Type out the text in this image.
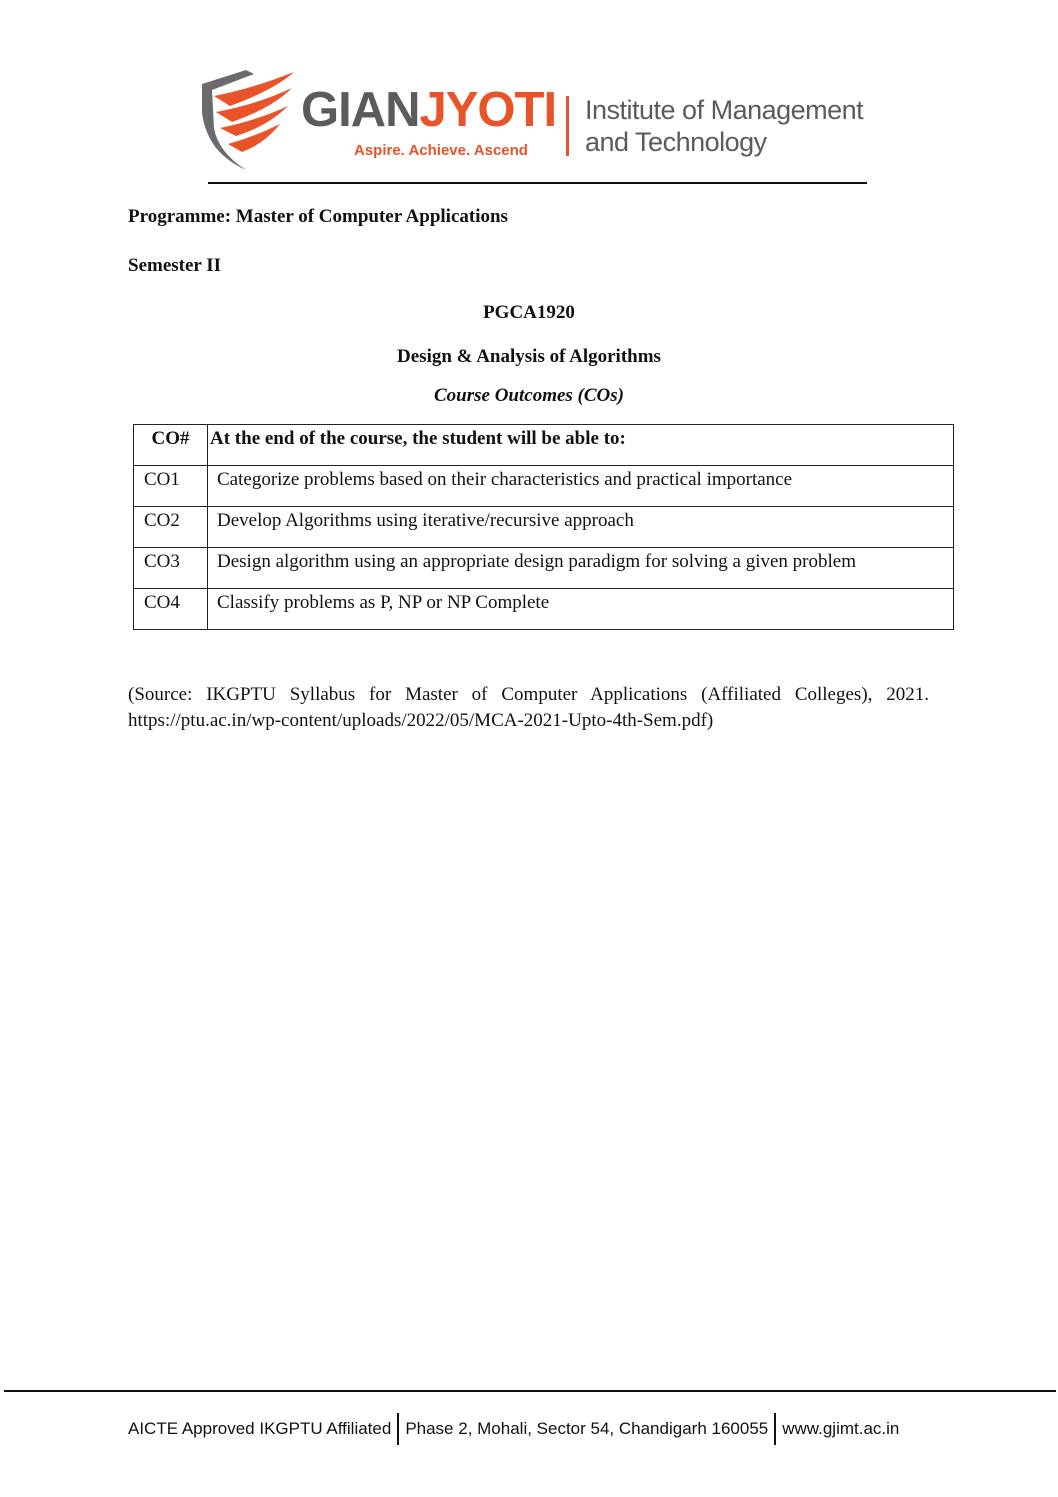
GIANJYOTI
Aspire. Achieve. Ascend
Institute of Management
and Technology
Programme: Master of Computer Applications
Semester II
PGCA1920
Design & Analysis of Algorithms
Course Outcomes (COs)
CO#	At the end of the course, the student will be able to:
CO1	Categorize problems based on their characteristics and practical importance
CO2	Develop Algorithms using iterative/recursive approach
CO3	Design algorithm using an appropriate design paradigm for solving a given problem
CO4	Classify problems as P, NP or NP Complete
(Source: IKGPTU Syllabus for Master of Computer Applications (Affiliated Colleges), 2021.
https://ptu.ac.in/wp-content/uploads/2022/05/MCA-2021-Upto-4th-Sem.pdf)
AICTE Approved IKGPTU Affiliated Phase 2, Mohali, Sector 54, Chandigarh 160055 www.gjimt.ac.in
